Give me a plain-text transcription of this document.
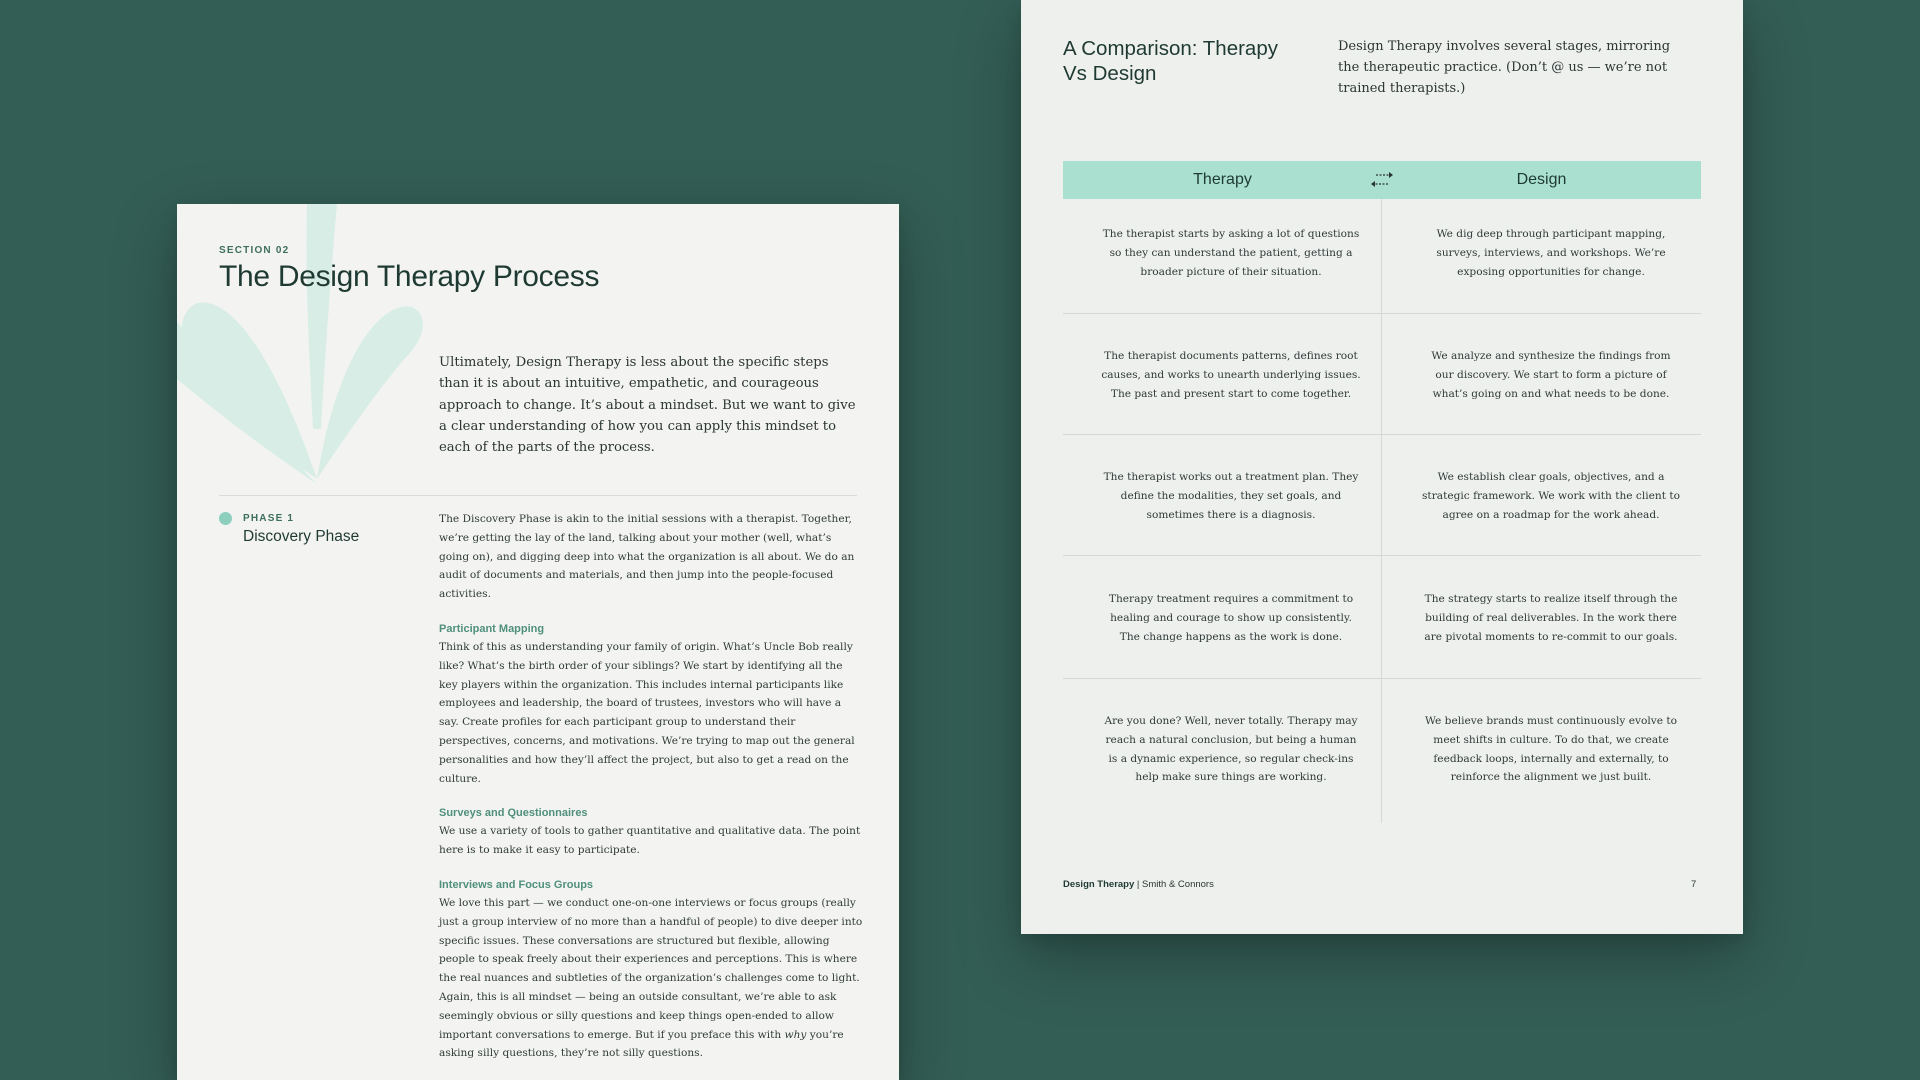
SECTION 02
The Design Therapy Process

Ultimately, Design Therapy is less about the specific steps than it is about an intuitive, empathetic, and courageous approach to change. It’s about a mindset. But we want to give a clear understanding of how you can apply this mindset to each of the parts of the process.

PHASE 1
Discovery Phase

The Discovery Phase is akin to the initial sessions with a therapist. Together, we’re getting the lay of the land, talking about your mother (well, what’s going on), and digging deep into what the organization is all about. We do an audit of documents and materials, and then jump into the people-focused activities.

Participant Mapping

Think of this as understanding your family of origin. What’s Uncle Bob really like? What’s the birth order of your siblings? We start by identifying all the key players within the organization. This includes internal participants like employees and leadership, the board of trustees, investors who will have a say. Create profiles for each participant group to understand their perspectives, concerns, and motivations. We’re trying to map out the general personalities and how they’ll affect the project, but also to get a read on the culture.

Surveys and Questionnaires

We use a variety of tools to gather quantitative and qualitative data. The point here is to make it easy to participate.

Interviews and Focus Groups

We love this part — we conduct one-on-one interviews or focus groups (really just a group interview of no more than a handful of people) to dive deeper into specific issues. These conversations are structured but flexible, allowing people to speak freely about their experiences and perceptions. This is where the real nuances and subtleties of the organization’s challenges come to light. Again, this is all mindset — being an outside consultant, we’re able to ask seemingly obvious or silly questions and keep things open-ended to allow important conversations to emerge. But if you preface this with why you’re asking silly questions, they’re not silly questions.

A Comparison: Therapy Vs Design

Design Therapy involves several stages, mirroring the therapeutic practice. (Don’t @ us — we’re not trained therapists.)

Therapy	Design

The therapist starts by asking a lot of questions so they can understand the patient, getting a broader picture of their situation.

We dig deep through participant mapping, surveys, interviews, and workshops. We’re exposing opportunities for change.

The therapist documents patterns, defines root causes, and works to unearth underlying issues. The past and present start to come together.

We analyze and synthesize the findings from our discovery. We start to form a picture of what’s going on and what needs to be done.

The therapist works out a treatment plan. They define the modalities, they set goals, and sometimes there is a diagnosis.

We establish clear goals, objectives, and a strategic framework. We work with the client to agree on a roadmap for the work ahead.

Therapy treatment requires a commitment to healing and courage to show up consistently. The change happens as the work is done.

The strategy starts to realize itself through the building of real deliverables. In the work there are pivotal moments to re-commit to our goals.

Are you done? Well, never totally. Therapy may reach a natural conclusion, but being a human is a dynamic experience, so regular check-ins help make sure things are working.

We believe brands must continuously evolve to meet shifts in culture. To do that, we create feedback loops, internally and externally, to reinforce the alignment we just built.

Design Therapy | Smith & Connors	7
